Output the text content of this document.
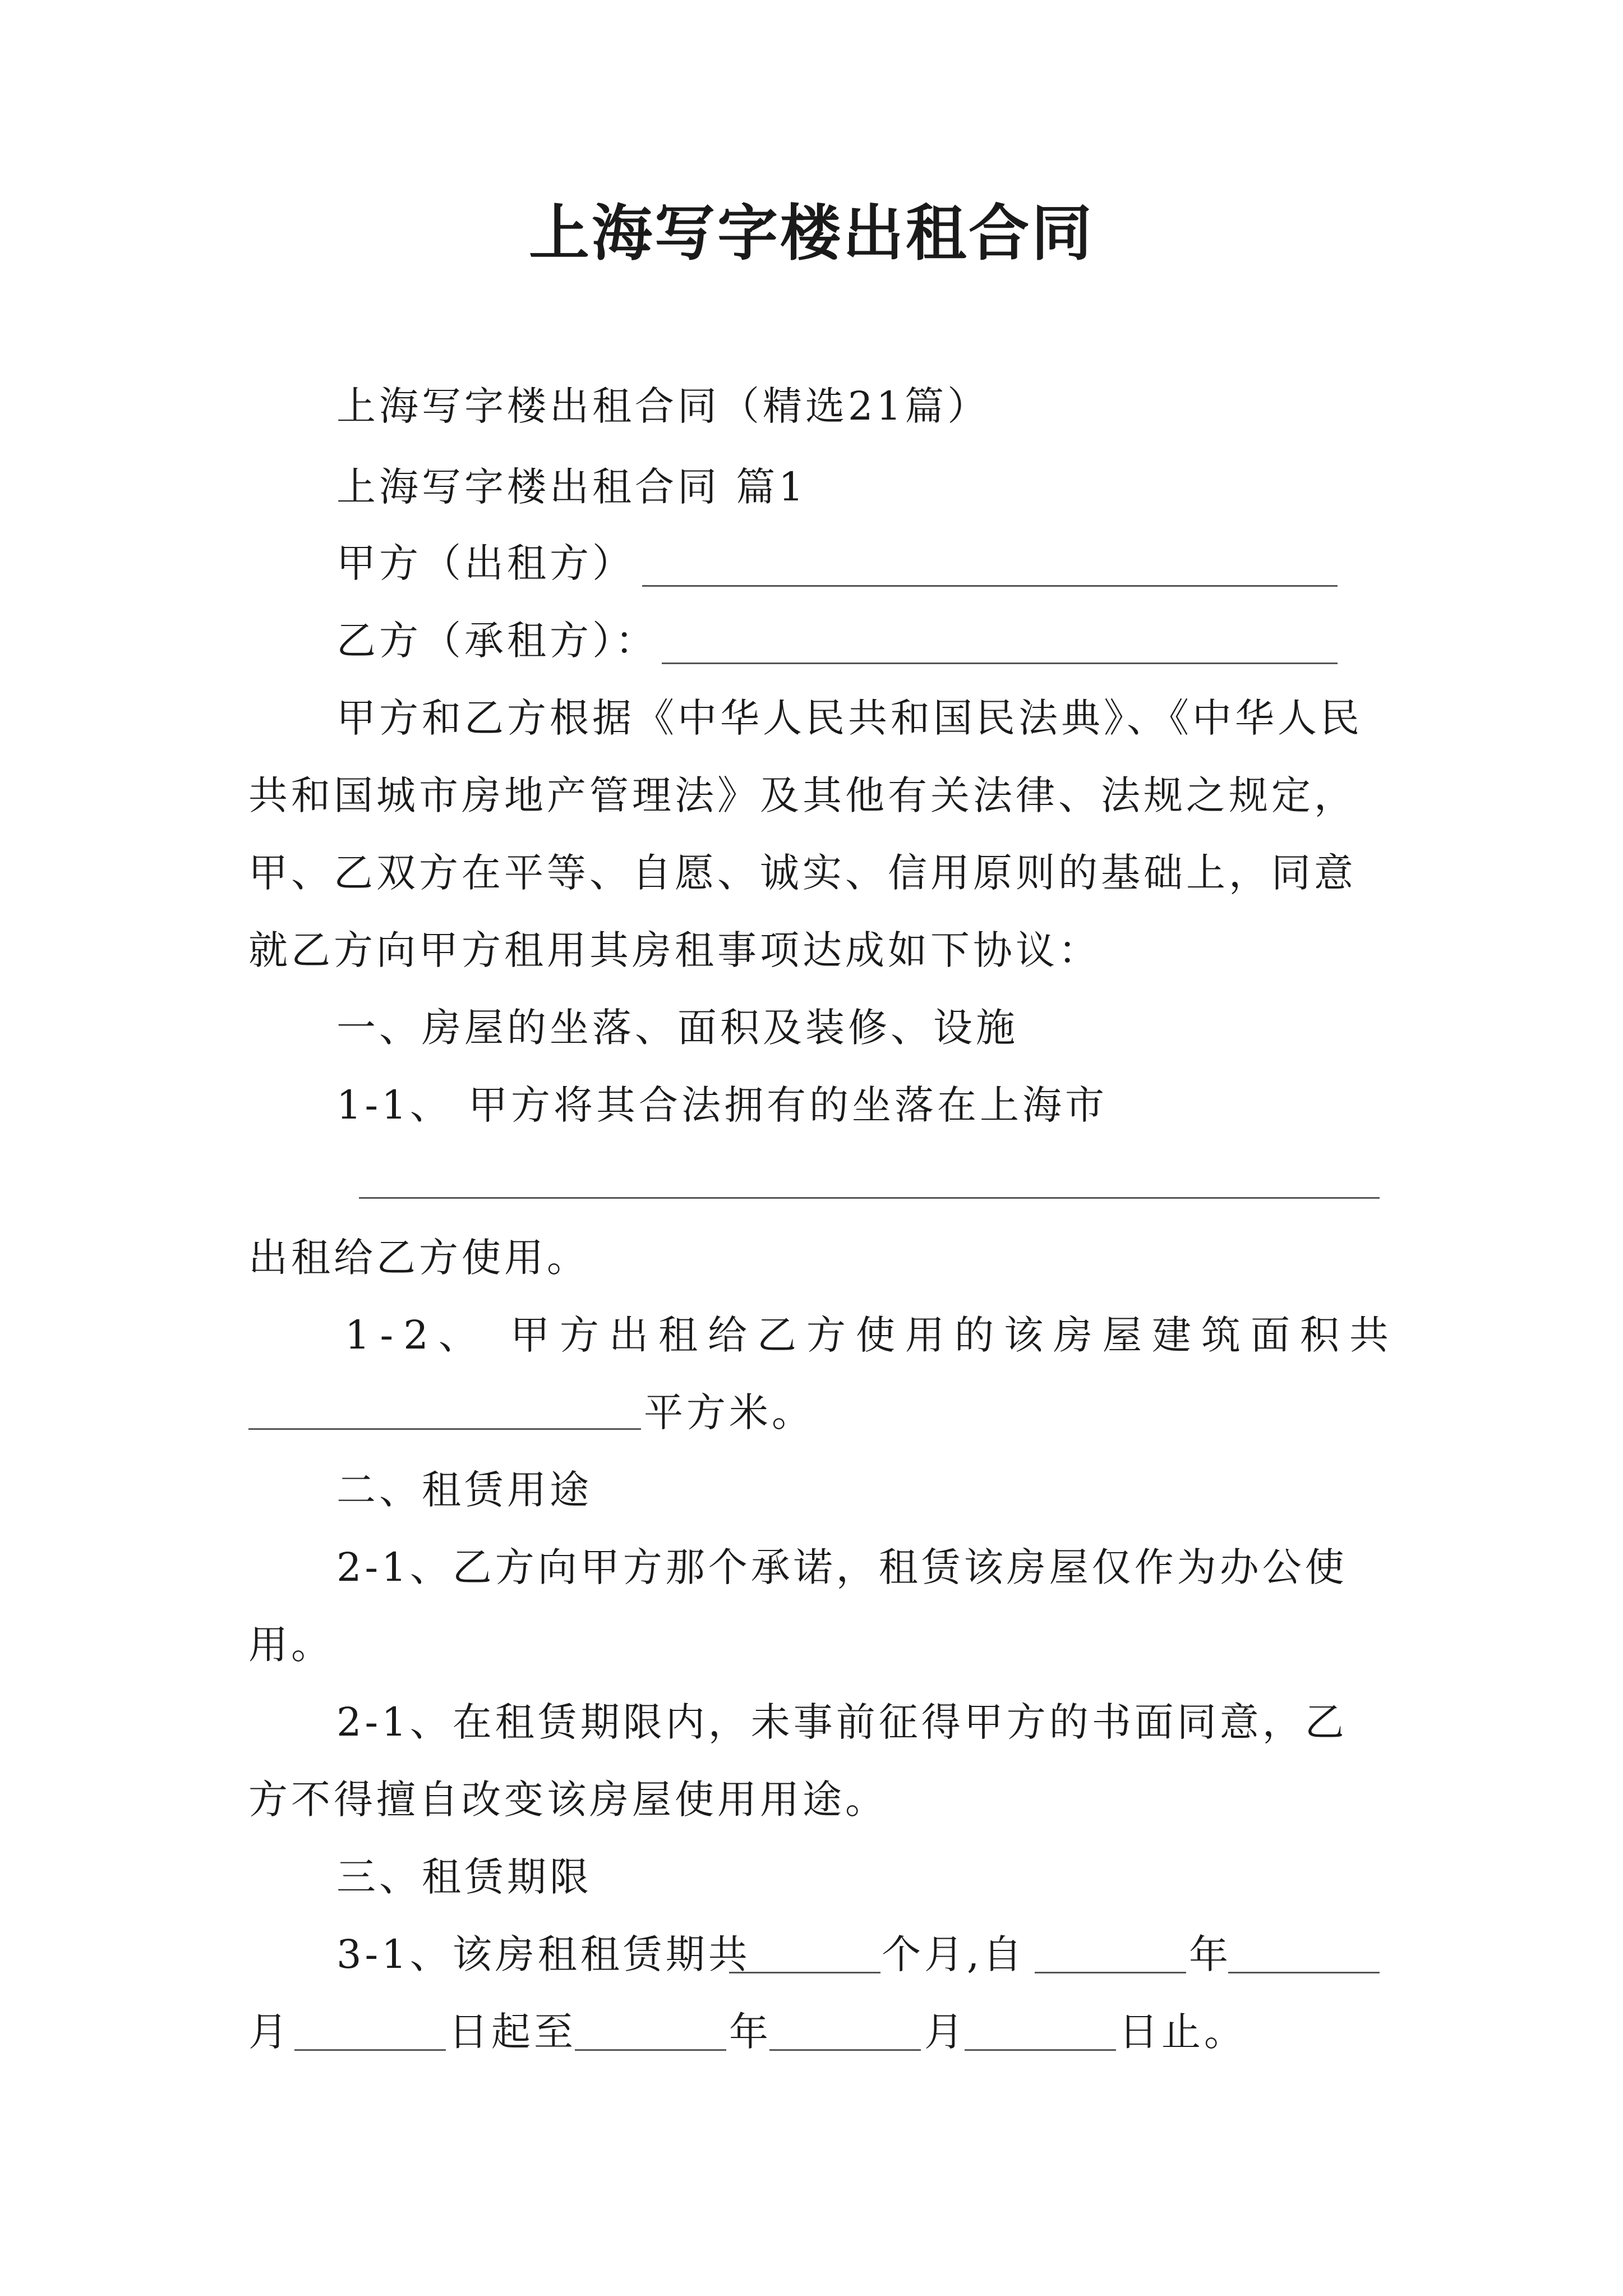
上海写字楼出租合同
上海写字楼出租合同（精选21篇）
上海写字楼出租合同 篇1
甲方（出租方）
乙方（承租方）：
甲方和乙方根据《中华人民共和国民法典》、《中华人民
共和国城市房地产管理法》及其他有关法律、法规之规定，
甲、乙双方在平等、自愿、诚实、信用原则的基础上，同意
就乙方向甲方租用其房租事项达成如下协议：
一、房屋的坐落、面积及装修、设施
1-1、 甲方将其合法拥有的坐落在上海市
出租给乙方使用。
1-2、 甲方出租给乙方使用的该房屋建筑面积共
平方米。
二、租赁用途
2-1、乙方向甲方那个承诺，租赁该房屋仅作为办公使
用。
2-1、在租赁期限内，未事前征得甲方的书面同意，乙
方不得擅自改变该房屋使用用途。
三、租赁期限
3-1、该房租租赁期共	个月,自	年
月	日起至	年	月	日止。
